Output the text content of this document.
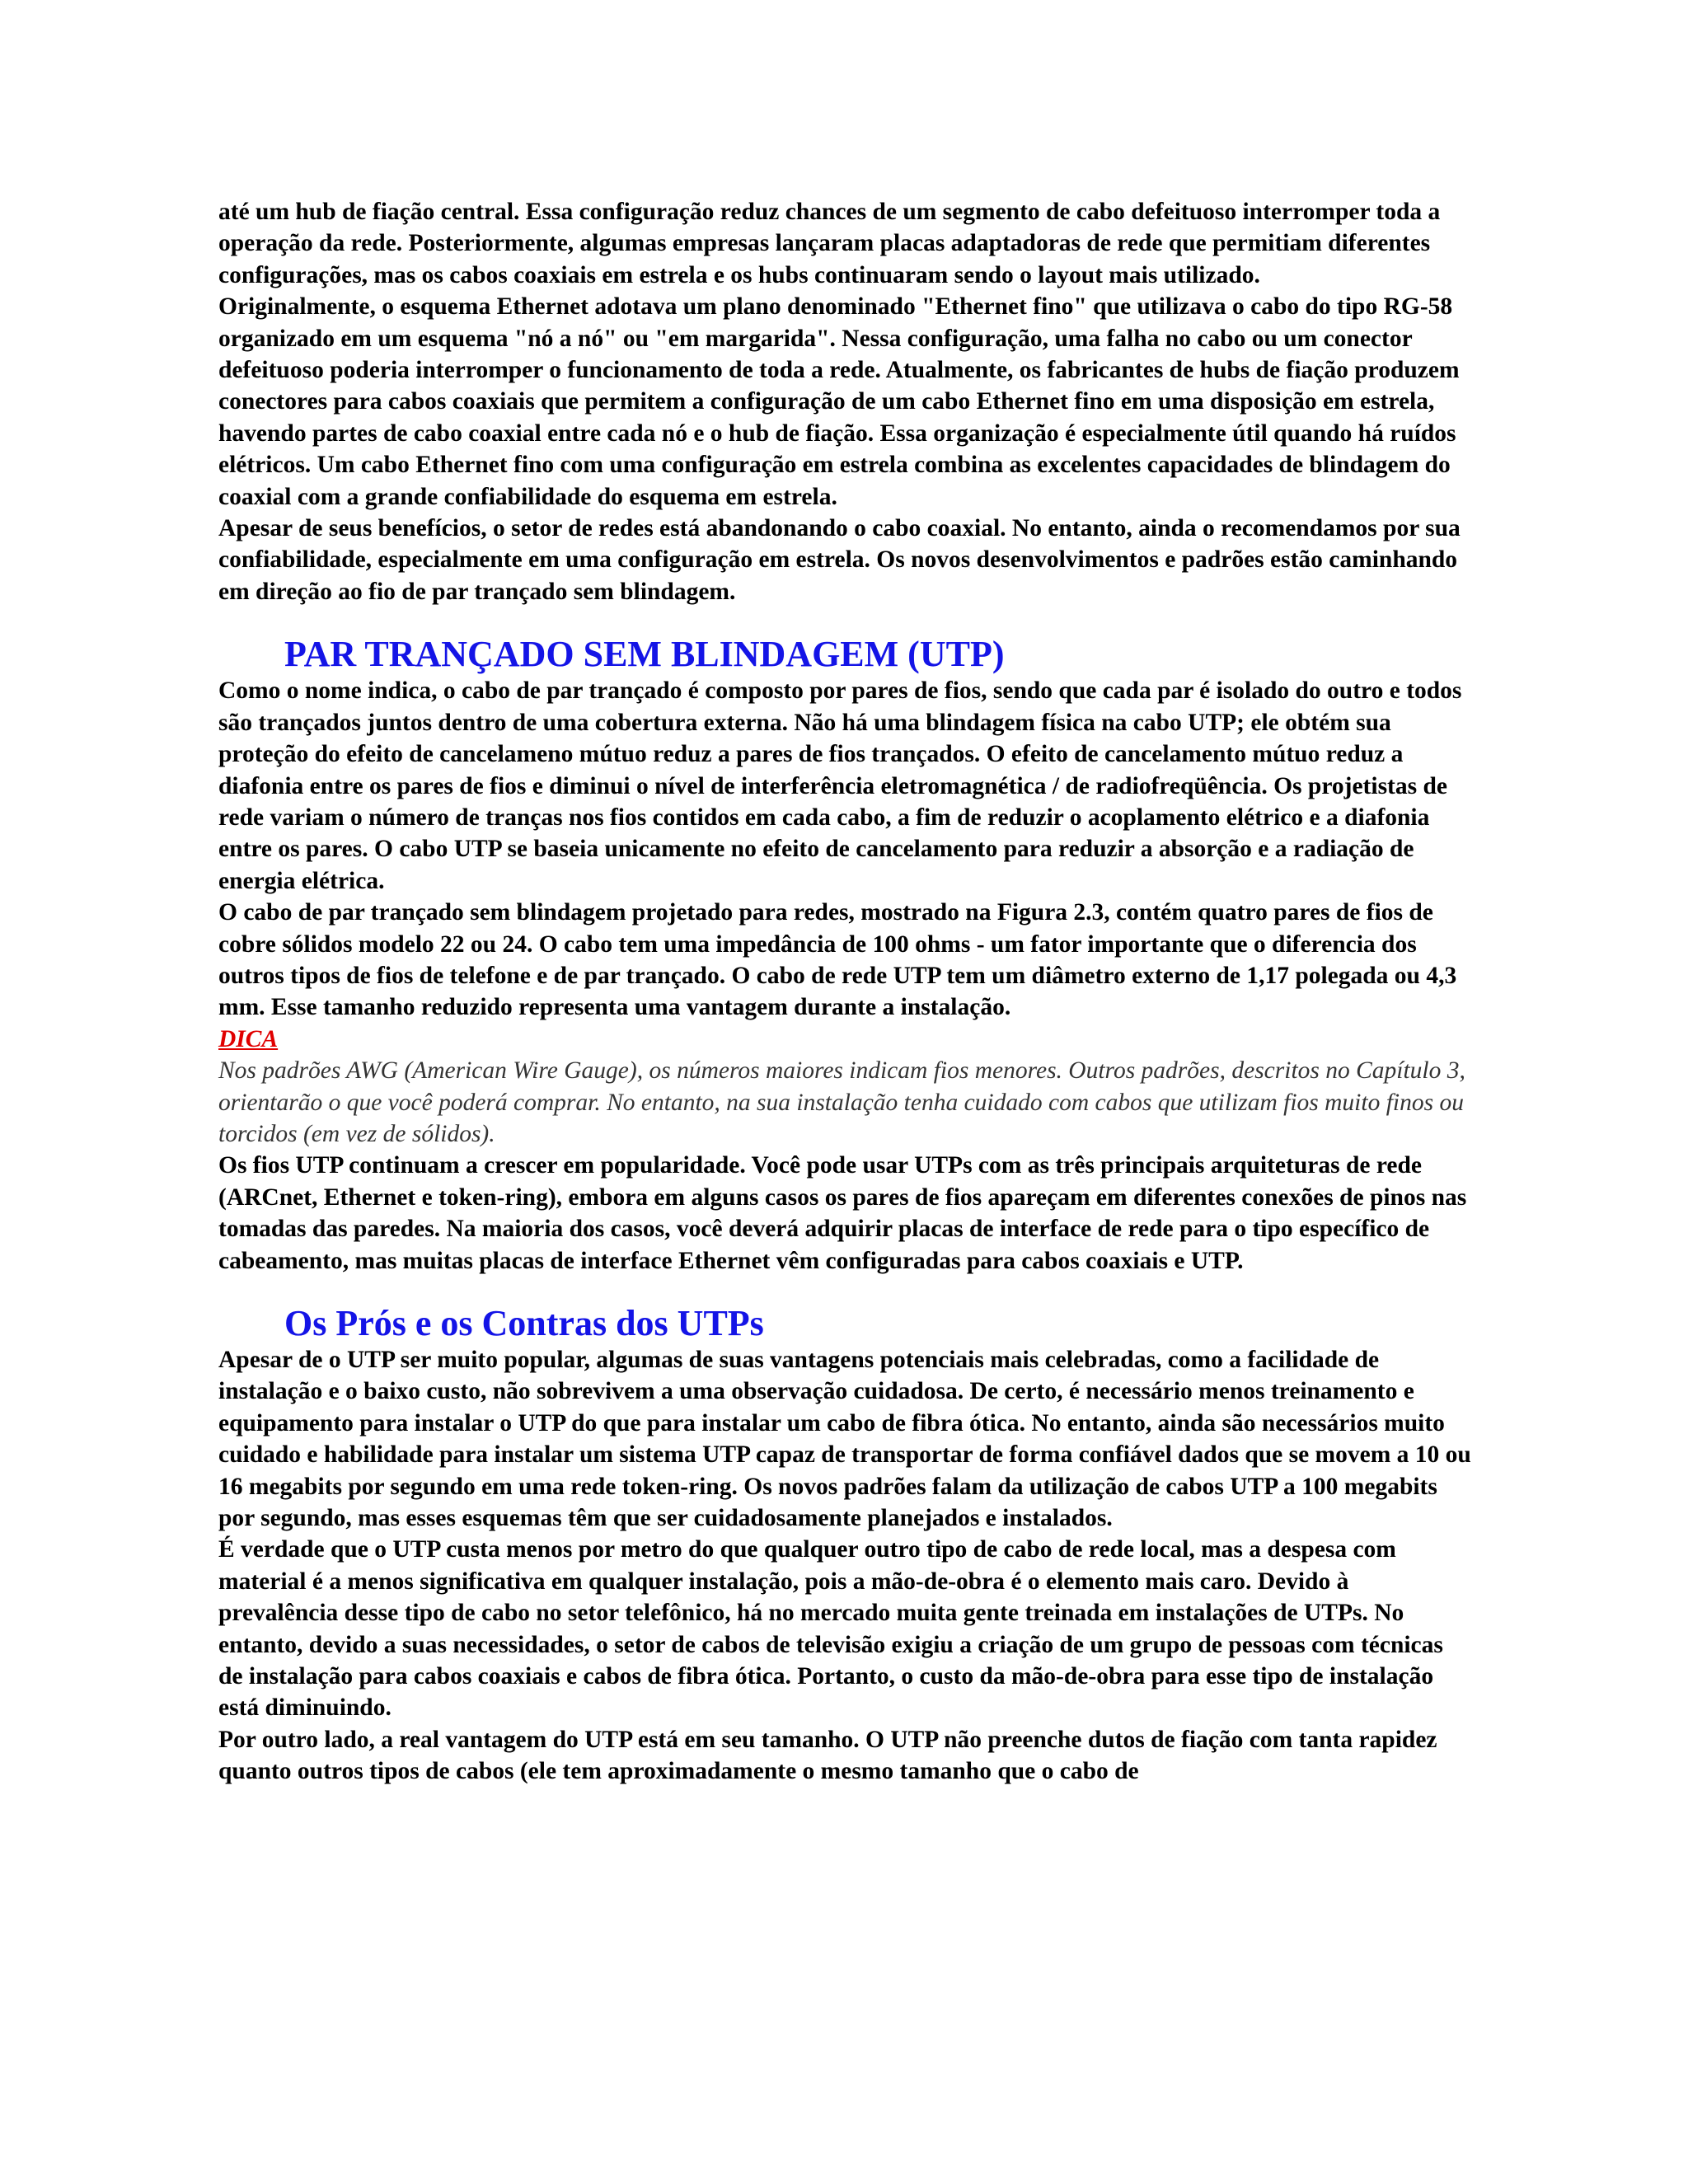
até um hub de fiação central. Essa configuração reduz chances de um segmento de cabo defeituoso interromper toda a operação da rede. Posteriormente, algumas empresas lançaram placas adaptadoras de rede que permitiam diferentes configurações, mas os cabos coaxiais em estrela e os hubs continuaram sendo o layout mais utilizado.

Originalmente, o esquema Ethernet adotava um plano denominado "Ethernet fino" que utilizava o cabo do tipo RG-58 organizado em um esquema "nó a nó" ou "em margarida". Nessa configuração, uma falha no cabo ou um conector defeituoso poderia interromper o funcionamento de toda a rede. Atualmente, os fabricantes de hubs de fiação produzem conectores para cabos coaxiais que permitem a configuração de um cabo Ethernet fino em uma disposição em estrela, havendo partes de cabo coaxial entre cada nó e o hub de fiação. Essa organização é especialmente útil quando há ruídos elétricos. Um cabo Ethernet fino com uma configuração em estrela combina as excelentes capacidades de blindagem do coaxial com a grande confiabilidade do esquema em estrela.

Apesar de seus benefícios, o setor de redes está abandonando o cabo coaxial. No entanto, ainda o recomendamos por sua confiabilidade, especialmente em uma configuração em estrela. Os novos desenvolvimentos e padrões estão caminhando em direção ao fio de par trançado sem blindagem.

PAR TRANÇADO SEM BLINDAGEM (UTP)

Como o nome indica, o cabo de par trançado é composto por pares de fios, sendo que cada par é isolado do outro e todos são trançados juntos dentro de uma cobertura externa. Não há uma blindagem física na cabo UTP; ele obtém sua proteção do efeito de cancelameno mútuo reduz a pares de fios trançados. O efeito de cancelamento mútuo reduz a diafonia entre os pares de fios e diminui o nível de interferência eletromagnética / de radiofreqüência. Os projetistas de rede variam o número de tranças nos fios contidos em cada cabo, a fim de reduzir o acoplamento elétrico e a diafonia entre os pares. O cabo UTP se baseia unicamente no efeito de cancelamento para reduzir a absorção e a radiação de energia elétrica.

O cabo de par trançado sem blindagem projetado para redes, mostrado na Figura 2.3, contém quatro pares de fios de cobre sólidos modelo 22 ou 24. O cabo tem uma impedância de 100 ohms - um fator importante que o diferencia dos outros tipos de fios de telefone e de par trançado. O cabo de rede UTP tem um diâmetro externo de 1,17 polegada ou 4,3 mm. Esse tamanho reduzido representa uma vantagem durante a instalação.

DICA

Nos padrões AWG (American Wire Gauge), os números maiores indicam fios menores. Outros padrões, descritos no Capítulo 3, orientarão o que você poderá comprar. No entanto, na sua instalação tenha cuidado com cabos que utilizam fios muito finos ou torcidos (em vez de sólidos).

Os fios UTP continuam a crescer em popularidade. Você pode usar UTPs com as três principais arquiteturas de rede (ARCnet, Ethernet e token-ring), embora em alguns casos os pares de fios apareçam em diferentes conexões de pinos nas tomadas das paredes. Na maioria dos casos, você deverá adquirir placas de interface de rede para o tipo específico de cabeamento, mas muitas placas de interface Ethernet vêm configuradas para cabos coaxiais e UTP.

Os Prós e os Contras dos UTPs

Apesar de o UTP ser muito popular, algumas de suas vantagens potenciais mais celebradas, como a facilidade de instalação e o baixo custo, não sobrevivem a uma observação cuidadosa. De certo, é necessário menos treinamento e equipamento para instalar o UTP do que para instalar um cabo de fibra ótica. No entanto, ainda são necessários muito cuidado e habilidade para instalar um sistema UTP capaz de transportar de forma confiável dados que se movem a 10 ou 16 megabits por segundo em uma rede token-ring. Os novos padrões falam da utilização de cabos UTP a 100 megabits por segundo, mas esses esquemas têm que ser cuidadosamente planejados e instalados.

É verdade que o UTP custa menos por metro do que qualquer outro tipo de cabo de rede local, mas a despesa com material é a menos significativa em qualquer instalação, pois a mão-de-obra é o elemento mais caro. Devido à prevalência desse tipo de cabo no setor telefônico, há no mercado muita gente treinada em instalações de UTPs. No entanto, devido a suas necessidades, o setor de cabos de televisão exigiu a criação de um grupo de pessoas com técnicas de instalação para cabos coaxiais e cabos de fibra ótica. Portanto, o custo da mão-de-obra para esse tipo de instalação está diminuindo.

Por outro lado, a real vantagem do UTP está em seu tamanho. O UTP não preenche dutos de fiação com tanta rapidez quanto outros tipos de cabos (ele tem aproximadamente o mesmo tamanho que o cabo de
